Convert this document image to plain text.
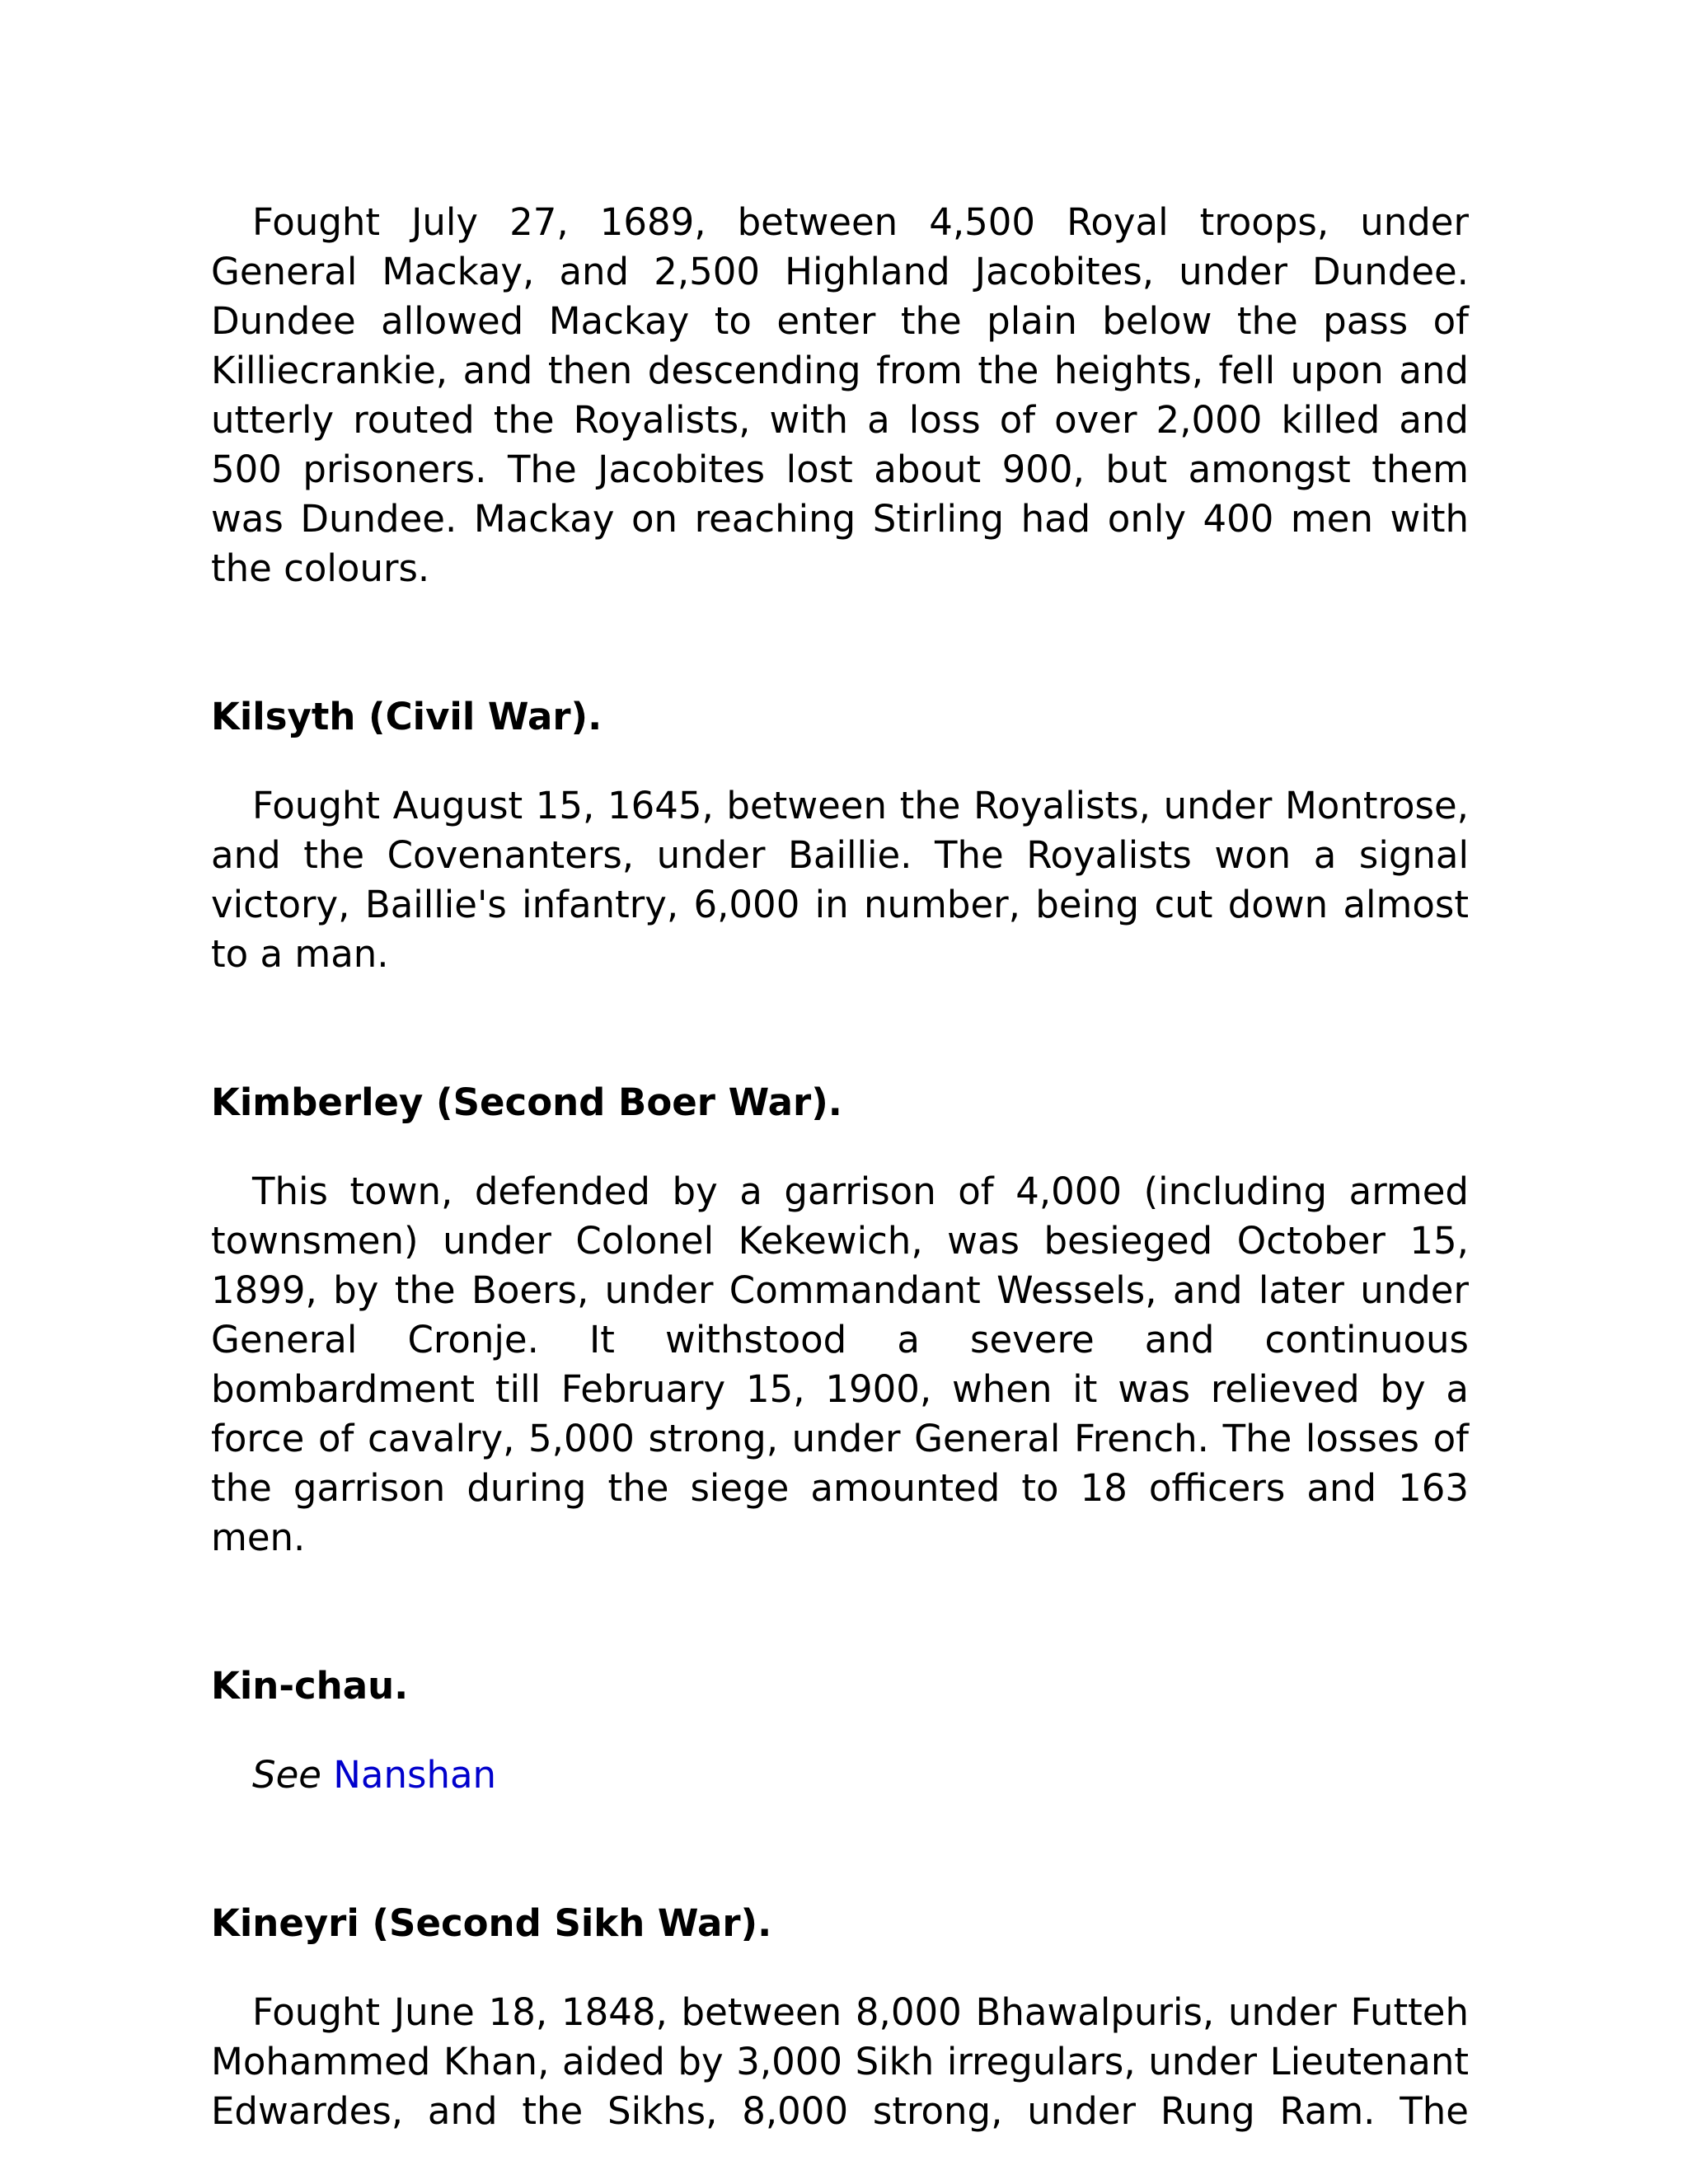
Fought July 27, 1689, between 4,500 Royal troops, under General Mackay, and 2,500 Highland Jacobites, under Dundee. Dundee allowed Mackay to enter the plain below the pass of Killiecrankie, and then descending from the heights, fell upon and utterly routed the Royalists, with a loss of over 2,000 killed and 500 prisoners. The Jacobites lost about 900, but amongst them was Dundee. Mackay on reaching Stirling had only 400 men with the colours.

Kilsyth (Civil War).

Fought August 15, 1645, between the Royalists, under Montrose, and the Covenanters, under Baillie. The Royalists won a signal victory, Baillie's infantry, 6,000 in number, being cut down almost to a man.

Kimberley (Second Boer War).

This town, defended by a garrison of 4,000 (including armed townsmen) under Colonel Kekewich, was besieged October 15, 1899, by the Boers, under Commandant Wessels, and later under General Cronje. It withstood a severe and continuous bombardment till February 15, 1900, when it was relieved by a force of cavalry, 5,000 strong, under General French. The losses of the garrison during the siege amounted to 18 officers and 163 men.

Kin-chau.

See Nanshan

Kineyri (Second Sikh War).

Fought June 18, 1848, between 8,000 Bhawalpuris, under Futteh Mohammed Khan, aided by 3,000 Sikh irregulars, under Lieutenant Edwardes, and the Sikhs, 8,000 strong, under Rung Ram. The
